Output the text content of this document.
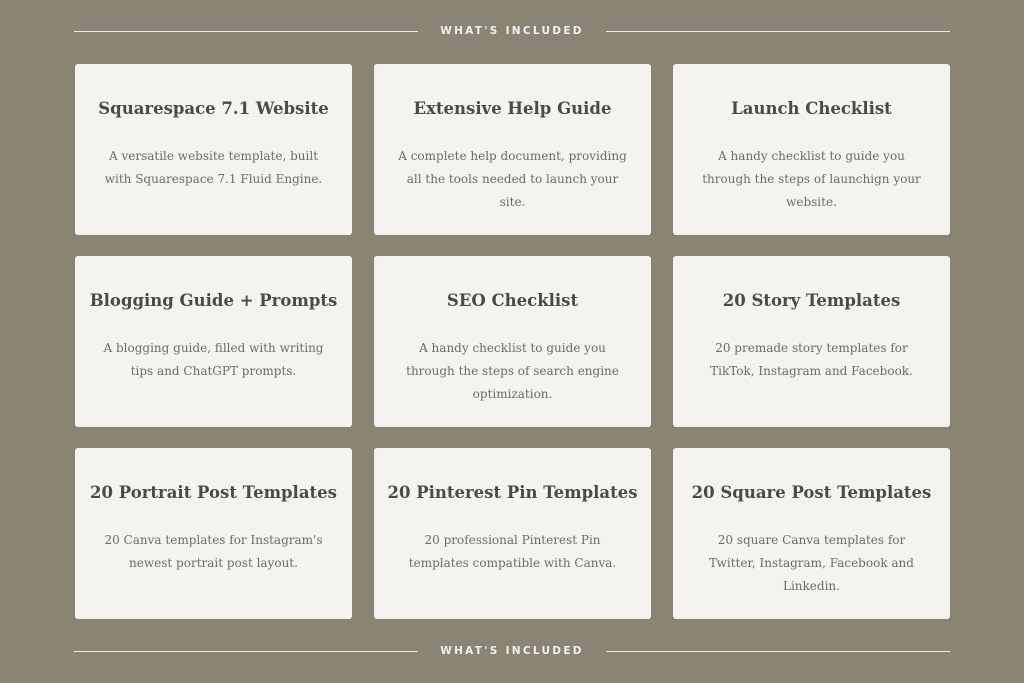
WHAT'S INCLUDED
Squarespace 7.1 Website

A versatile website template, built with Squarespace 7.1 Fluid Engine.

Extensive Help Guide

A complete help document, providing all the tools needed to launch your site.

Launch Checklist

A handy checklist to guide you through the steps of launchign your website.

Blogging Guide + Prompts

A blogging guide, filled with writing tips and ChatGPT prompts.

SEO Checklist

A handy checklist to guide you through the steps of search engine optimization.

20 Story Templates

20 premade story templates for TikTok, Instagram and Facebook.

20 Portrait Post Templates

20 Canva templates for Instagram's newest portrait post layout.

20 Pinterest Pin Templates

20 professional Pinterest Pin templates compatible with Canva.

20 Square Post Templates

20 square Canva templates for Twitter, Instagram, Facebook and Linkedin.

WHAT'S INCLUDED
